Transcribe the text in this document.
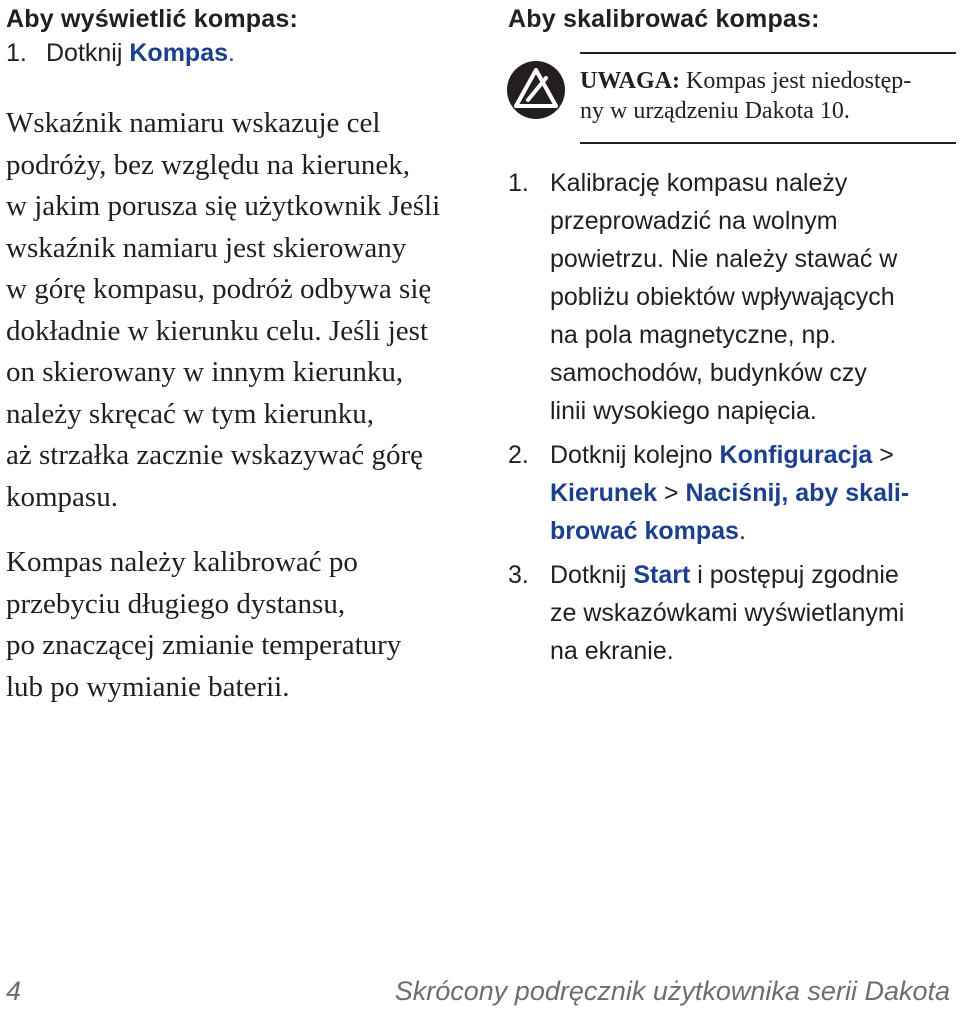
Aby wyświetlić kompas:
1. Dotknij Kompas.
Wskaźnik namiaru wskazuje cel
podróży, bez względu na kierunek,
w jakim porusza się użytkownik Jeśli
wskaźnik namiaru jest skierowany
w górę kompasu, podróż odbywa się
dokładnie w kierunku celu. Jeśli jest
on skierowany w innym kierunku,
należy skręcać w tym kierunku,
aż strzałka zacznie wskazywać górę
kompasu.
Kompas należy kalibrować po
przebyciu długiego dystansu,
po znaczącej zmianie temperatury
lub po wymianie baterii.
Aby skalibrować kompas:
UWAGA: Kompas jest niedostęp-
ny w urządzeniu Dakota 10.
1. Kalibrację kompasu należy
przeprowadzić na wolnym
powietrzu. Nie należy stawać w
pobliżu obiektów wpływających
na pola magnetyczne, np.
samochodów, budynków czy
linii wysokiego napięcia.
2. Dotknij kolejno Konfiguracja >
Kierunek > Naciśnij, aby skali-
brować kompas.
3. Dotknij Start i postępuj zgodnie
ze wskazówkami wyświetlanymi
na ekranie.
4	Skrócony podręcznik użytkownika serii Dakota
